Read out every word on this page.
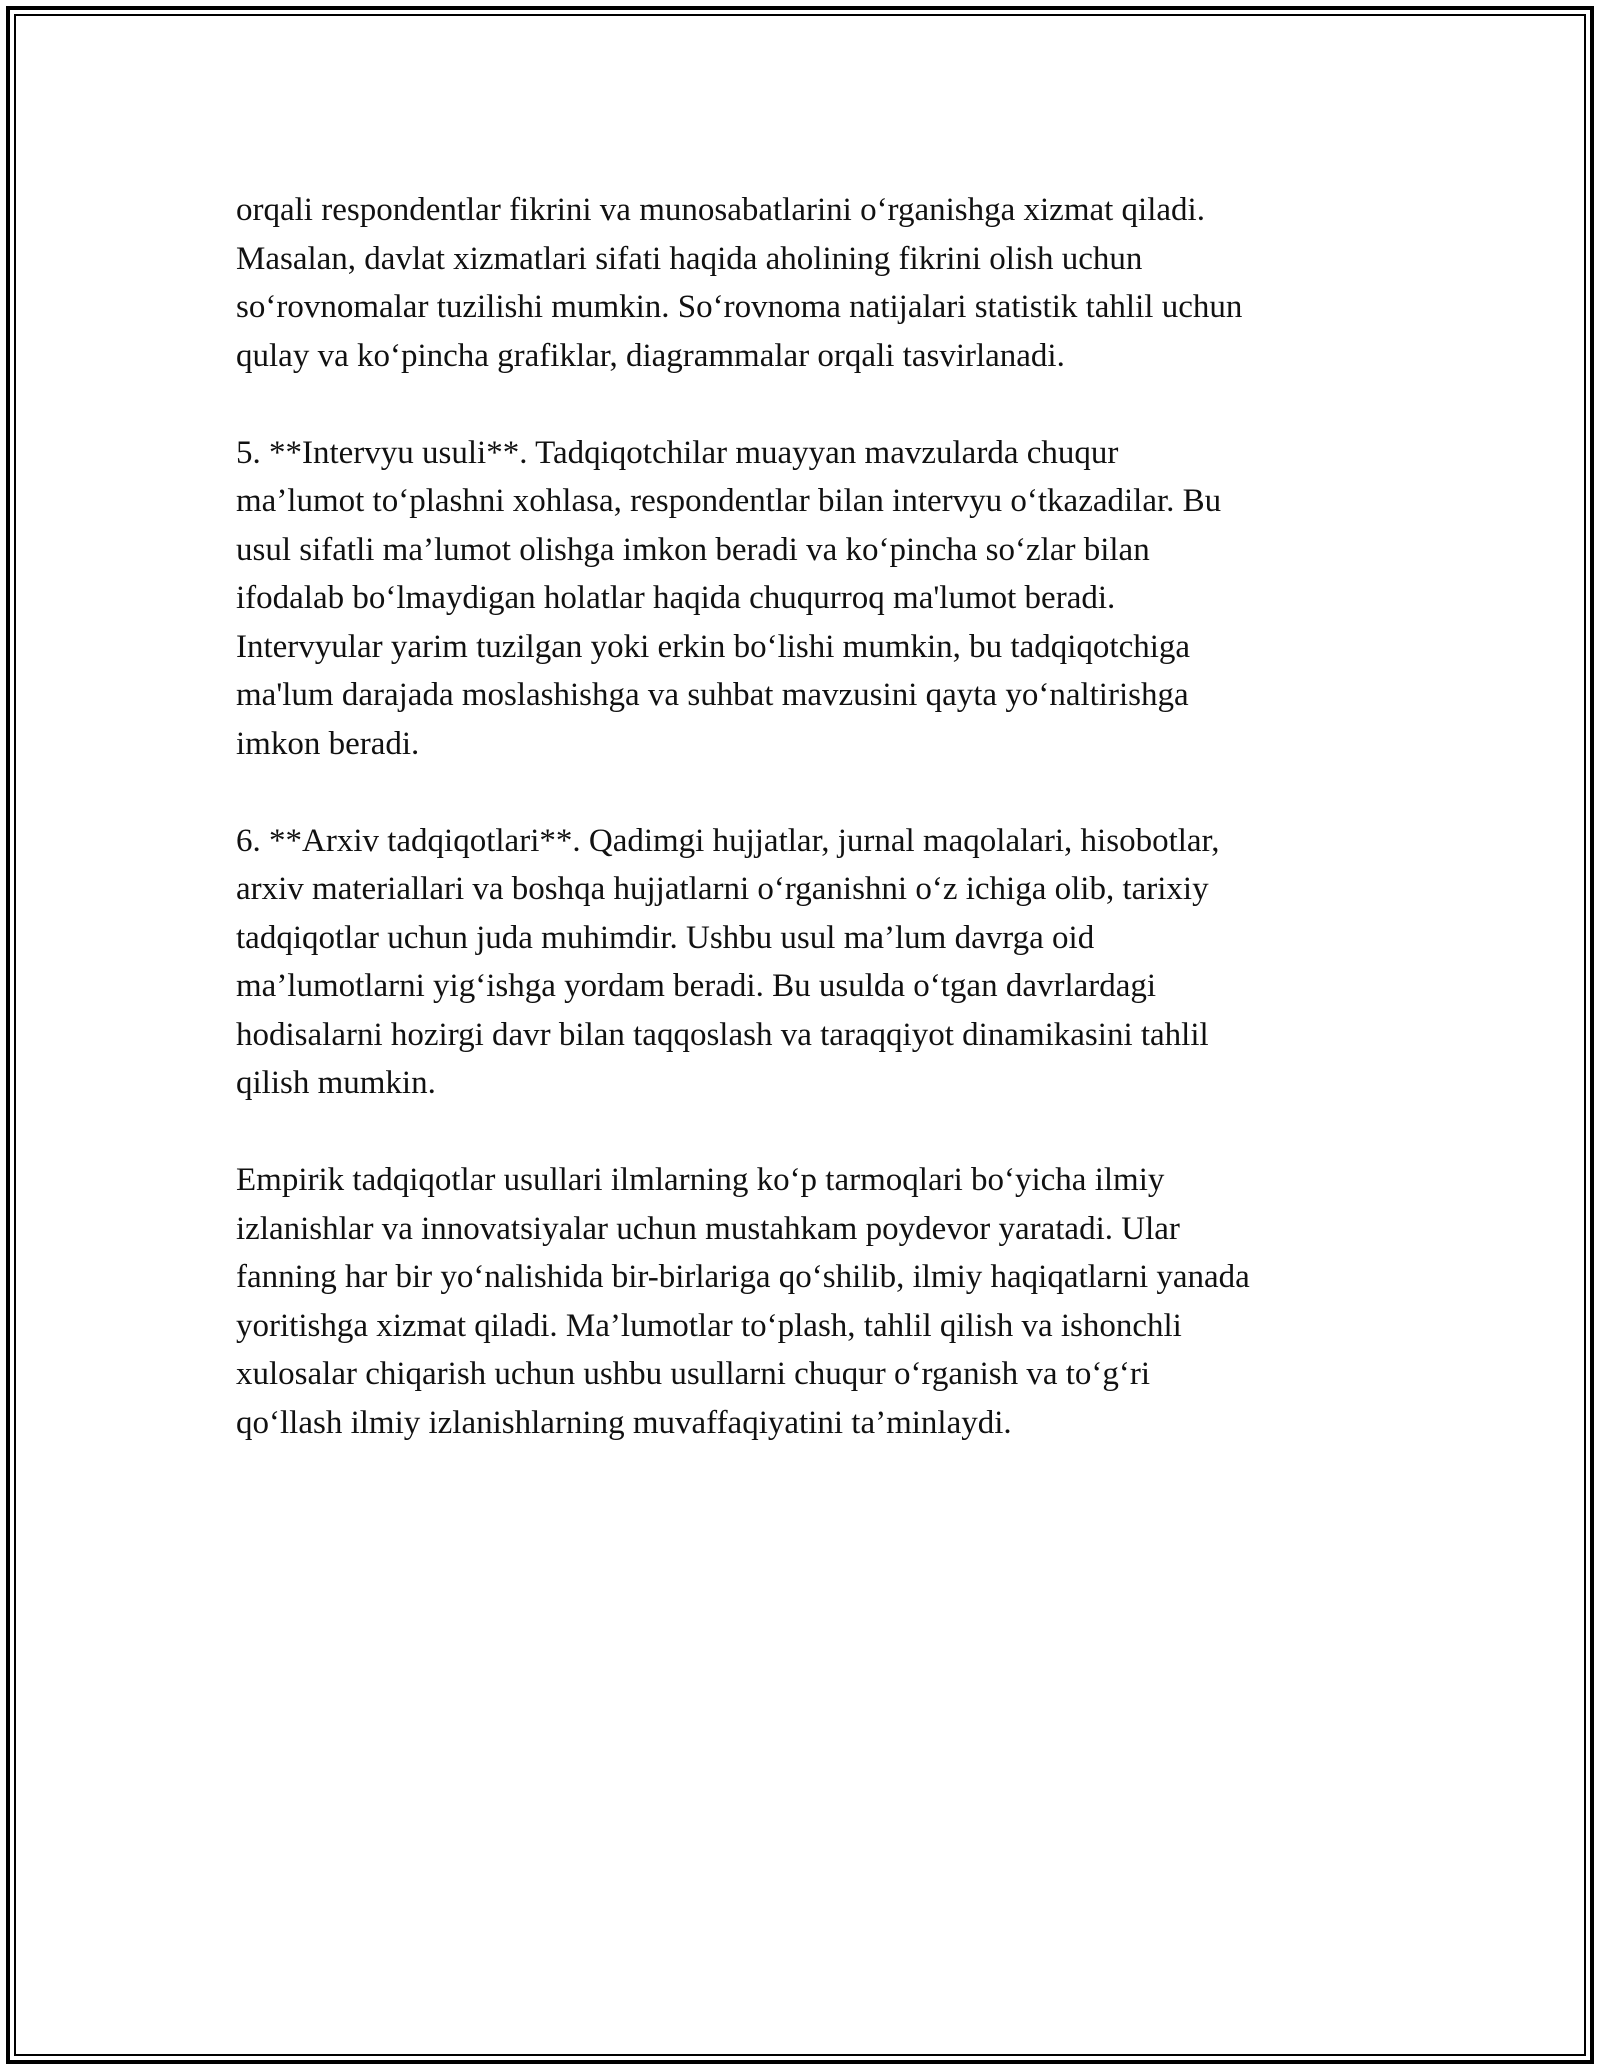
orqali respondentlar fikrini va munosabatlarini o‘rganishga xizmat qiladi.
Masalan, davlat xizmatlari sifati haqida aholining fikrini olish uchun
so‘rovnomalar tuzilishi mumkin. So‘rovnoma natijalari statistik tahlil uchun
qulay va ko‘pincha grafiklar, diagrammalar orqali tasvirlanadi.

5. **Intervyu usuli**. Tadqiqotchilar muayyan mavzularda chuqur
ma’lumot to‘plashni xohlasa, respondentlar bilan intervyu o‘tkazadilar. Bu
usul sifatli ma’lumot olishga imkon beradi va ko‘pincha so‘zlar bilan
ifodalab bo‘lmaydigan holatlar haqida chuqurroq ma'lumot beradi.
Intervyular yarim tuzilgan yoki erkin bo‘lishi mumkin, bu tadqiqotchiga
ma'lum darajada moslashishga va suhbat mavzusini qayta yo‘naltirishga
imkon beradi.

6. **Arxiv tadqiqotlari**. Qadimgi hujjatlar, jurnal maqolalari, hisobotlar,
arxiv materiallari va boshqa hujjatlarni o‘rganishni o‘z ichiga olib, tarixiy
tadqiqotlar uchun juda muhimdir. Ushbu usul ma’lum davrga oid
ma’lumotlarni yig‘ishga yordam beradi. Bu usulda o‘tgan davrlardagi
hodisalarni hozirgi davr bilan taqqoslash va taraqqiyot dinamikasini tahlil
qilish mumkin.

Empirik tadqiqotlar usullari ilmlarning ko‘p tarmoqlari bo‘yicha ilmiy
izlanishlar va innovatsiyalar uchun mustahkam poydevor yaratadi. Ular
fanning har bir yo‘nalishida bir-birlariga qo‘shilib, ilmiy haqiqatlarni yanada
yoritishga xizmat qiladi. Ma’lumotlar to‘plash, tahlil qilish va ishonchli
xulosalar chiqarish uchun ushbu usullarni chuqur o‘rganish va to‘g‘ri
qo‘llash ilmiy izlanishlarning muvaffaqiyatini ta’minlaydi.
